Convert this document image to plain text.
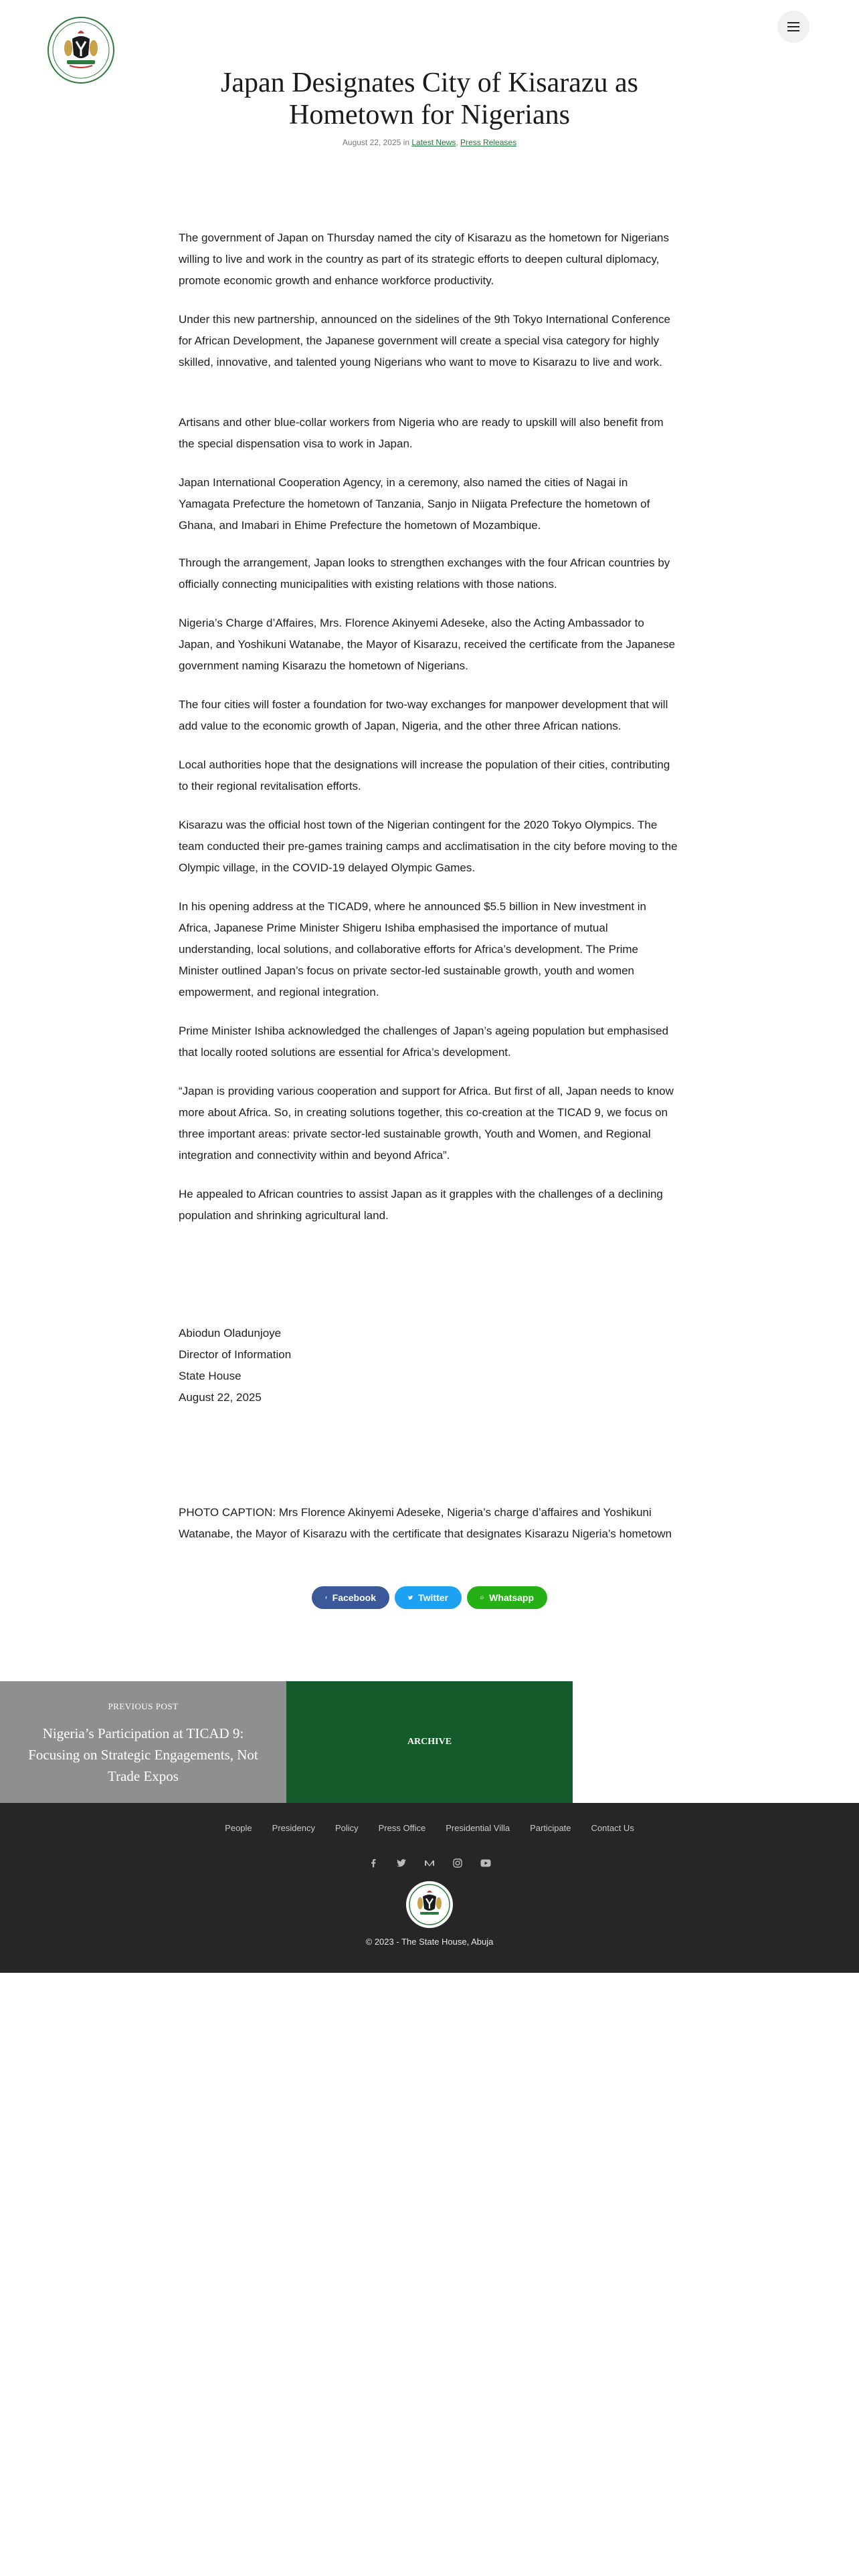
Japan Designates City of Kisarazu as Hometown for Nigerians
August 22, 2025 in Latest News, Press Releases

The government of Japan on Thursday named the city of Kisarazu as the hometown for Nigerians willing to live and work in the country as part of its strategic efforts to deepen cultural diplomacy, promote economic growth and enhance workforce productivity.

Under this new partnership, announced on the sidelines of the 9th Tokyo International Conference for African Development, the Japanese government will create a special visa category for highly skilled, innovative, and talented young Nigerians who want to move to Kisarazu to live and work.

Artisans and other blue-collar workers from Nigeria who are ready to upskill will also benefit from the special dispensation visa to work in Japan.

Japan International Cooperation Agency, in a ceremony, also named the cities of Nagai in Yamagata Prefecture the hometown of Tanzania, Sanjo in Niigata Prefecture the hometown of Ghana, and Imabari in Ehime Prefecture the hometown of Mozambique.

Through the arrangement, Japan looks to strengthen exchanges with the four African countries by officially connecting municipalities with existing relations with those nations.

Nigeria’s Charge d’Affaires, Mrs. Florence Akinyemi Adeseke, also the Acting Ambassador to Japan, and Yoshikuni Watanabe, the Mayor of Kisarazu, received the certificate from the Japanese government naming Kisarazu the hometown of Nigerians.

The four cities will foster a foundation for two-way exchanges for manpower development that will add value to the economic growth of Japan, Nigeria, and the other three African nations.

Local authorities hope that the designations will increase the population of their cities, contributing to their regional revitalisation efforts.

Kisarazu was the official host town of the Nigerian contingent for the 2020 Tokyo Olympics. The team conducted their pre-games training camps and acclimatisation in the city before moving to the Olympic village, in the COVID-19 delayed Olympic Games.

In his opening address at the TICAD9, where he announced $5.5 billion in New investment in Africa, Japanese Prime Minister Shigeru Ishiba emphasised the importance of mutual understanding, local solutions, and collaborative efforts for Africa’s development. The Prime Minister outlined Japan’s focus on private sector-led sustainable growth, youth and women empowerment, and regional integration.

Prime Minister Ishiba acknowledged the challenges of Japan’s ageing population but emphasised that locally rooted solutions are essential for Africa’s development.

“Japan is providing various cooperation and support for Africa. But first of all, Japan needs to know more about Africa. So, in creating solutions together, this co-creation at the TICAD 9, we focus on three important areas: private sector-led sustainable growth, Youth and Women, and Regional integration and connectivity within and beyond Africa”.

He appealed to African countries to assist Japan as it grapples with the challenges of a declining population and shrinking agricultural land.

Abiodun Oladunjoye

Director of Information

State House

August 22, 2025

PHOTO CAPTION: Mrs Florence Akinyemi Adeseke, Nigeria’s charge d’affaires and Yoshikuni Watanabe, the Mayor of Kisarazu with the certificate that designates Kisarazu Nigeria’s hometown

Facebook	Twitter	Whatsapp
PREVIOUS POST
Nigeria’s Participation at TICAD 9: Focusing on Strategic Engagements, Not Trade Expos
ARCHIVE
People Presidency Policy Press Office Presidential Villa Participate Contact Us
© 2023 - The State House, Abuja
